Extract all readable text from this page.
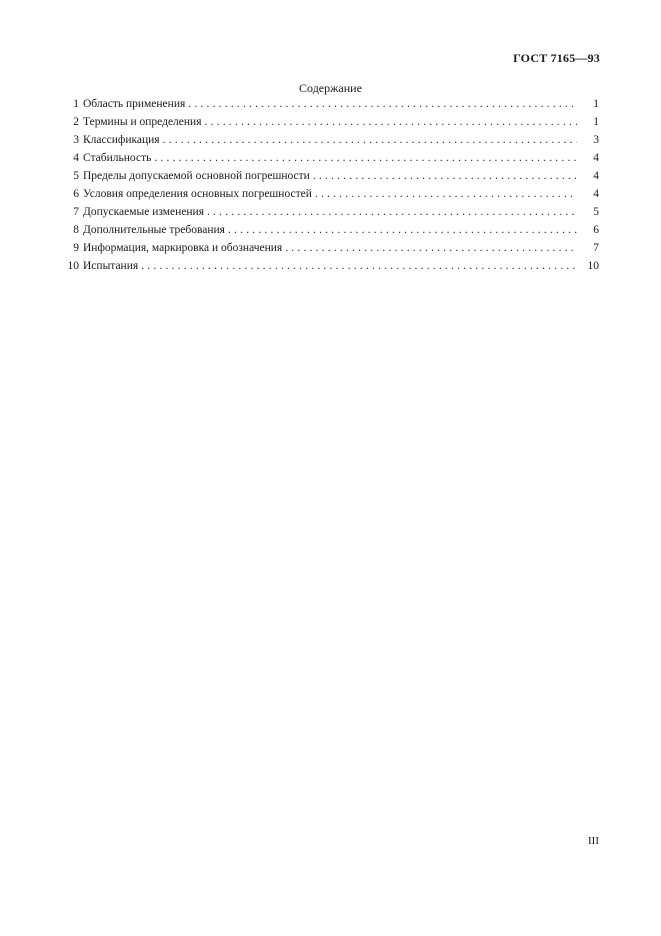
ГОСТ 7165—93
Содержание
1 Область применения .....	1
2 Термины и определения .....	1
3 Классификация .....	3
4 Стабильность .....	4
5 Пределы допускаемой основной погрешности .....	4
6 Условия определения основных погрешностей .....	4
7 Допускаемые изменения .....	5
8 Дополнительные требования .....	6
9 Информация, маркировка и обозначения .....	7
10 Испытания .....	10
III
